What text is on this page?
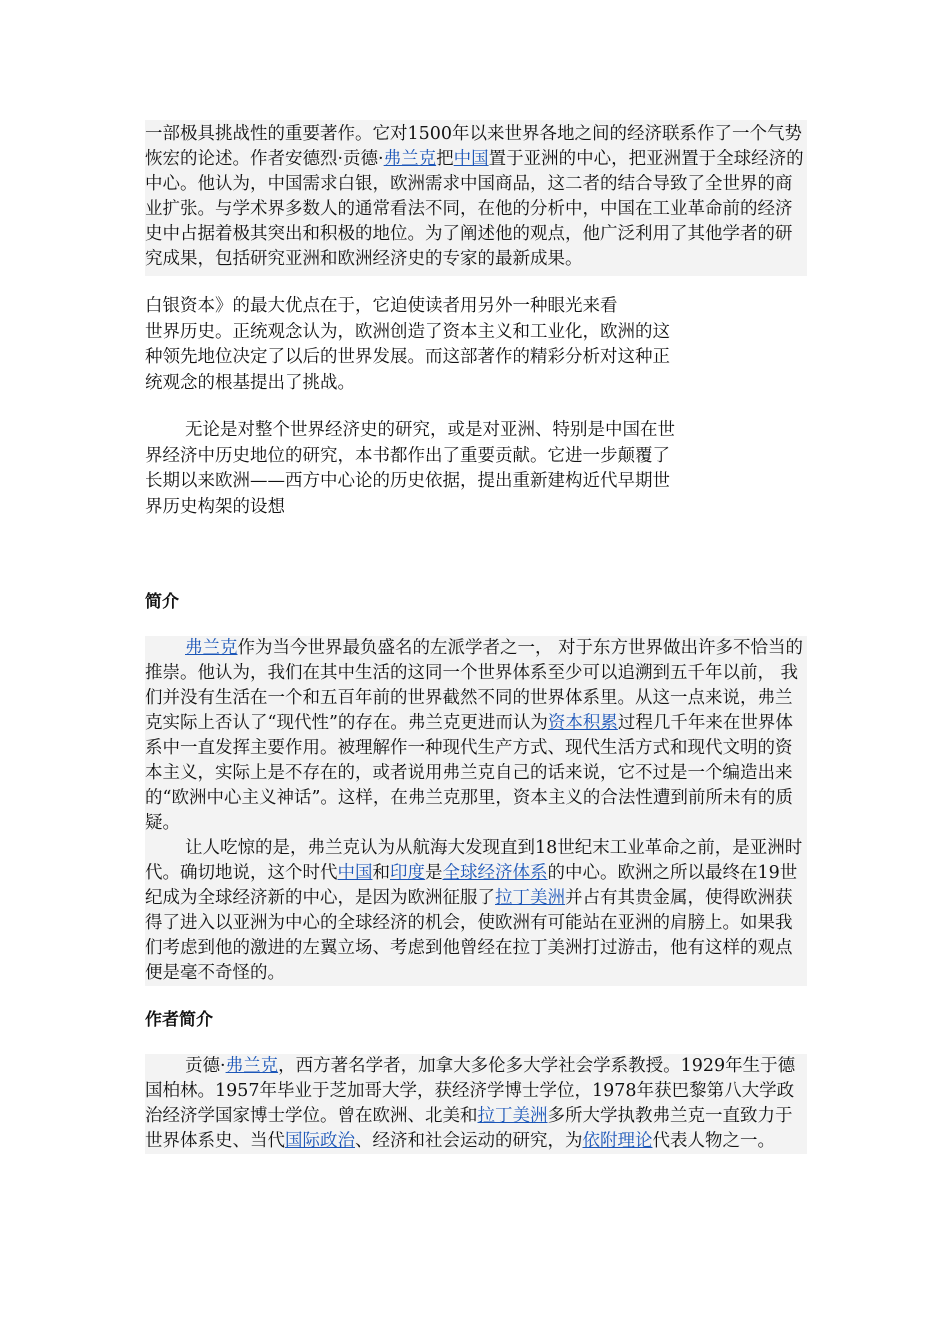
一部极具挑战性的重要著作。它对1500年以来世界各地之间的经济联系作了一个气势恢宏的论述。作者安德烈·贡德·弗兰克把中国置于亚洲的中心，把亚洲置于全球经济的中心。他认为，中国需求白银，欧洲需求中国商品，这二者的结合导致了全世界的商业扩张。与学术界多数人的通常看法不同，在他的分析中，中国在工业革命前的经济史中占据着极其突出和积极的地位。为了阐述他的观点，他广泛利用了其他学者的研究成果，包括研究亚洲和欧洲经济史的专家的最新成果。

白银资本》的最大优点在于，它迫使读者用另外一种眼光来看

世界历史。正统观念认为，欧洲创造了资本主义和工业化，欧洲的这

种领先地位决定了以后的世界发展。而这部著作的精彩分析对这种正

统观念的根基提出了挑战。

无论是对整个世界经济史的研究，或是对亚洲、特别是中国在世

界经济中历史地位的研究，本书都作出了重要贡献。它进一步颠覆了

长期以来欧洲——西方中心论的历史依据，提出重新建构近代早期世

界历史构架的设想

简介

弗兰克作为当今世界最负盛名的左派学者之一， 对于东方世界做出许多不恰当的推崇。他认为，我们在其中生活的这同一个世界体系至少可以追溯到五千年以前， 我们并没有生活在一个和五百年前的世界截然不同的世界体系里。从这一点来说，弗兰克实际上否认了“现代性”的存在。弗兰克更进而认为资本积累过程几千年来在世界体系中一直发挥主要作用。被理解作一种现代生产方式、现代生活方式和现代文明的资本主义，实际上是不存在的，或者说用弗兰克自己的话来说，它不过是一个编造出来的“欧洲中心主义神话”。这样，在弗兰克那里，资本主义的合法性遭到前所未有的质疑。

让人吃惊的是，弗兰克认为从航海大发现直到18世纪末工业革命之前，是亚洲时代。确切地说，这个时代中国和印度是全球经济体系的中心。欧洲之所以最终在19世纪成为全球经济新的中心，是因为欧洲征服了拉丁美洲并占有其贵金属，使得欧洲获得了进入以亚洲为中心的全球经济的机会，使欧洲有可能站在亚洲的肩膀上。如果我们考虑到他的激进的左翼立场、考虑到他曾经在拉丁美洲打过游击，他有这样的观点便是毫不奇怪的。

作者简介

贡德·弗兰克，西方著名学者，加拿大多伦多大学社会学系教授。1929年生于德国柏林。1957年毕业于芝加哥大学，获经济学博士学位，1978年获巴黎第八大学政治经济学国家博士学位。曾在欧洲、北美和拉丁美洲多所大学执教弗兰克一直致力于世界体系史、当代国际政治、经济和社会运动的研究，为依附理论代表人物之一。
